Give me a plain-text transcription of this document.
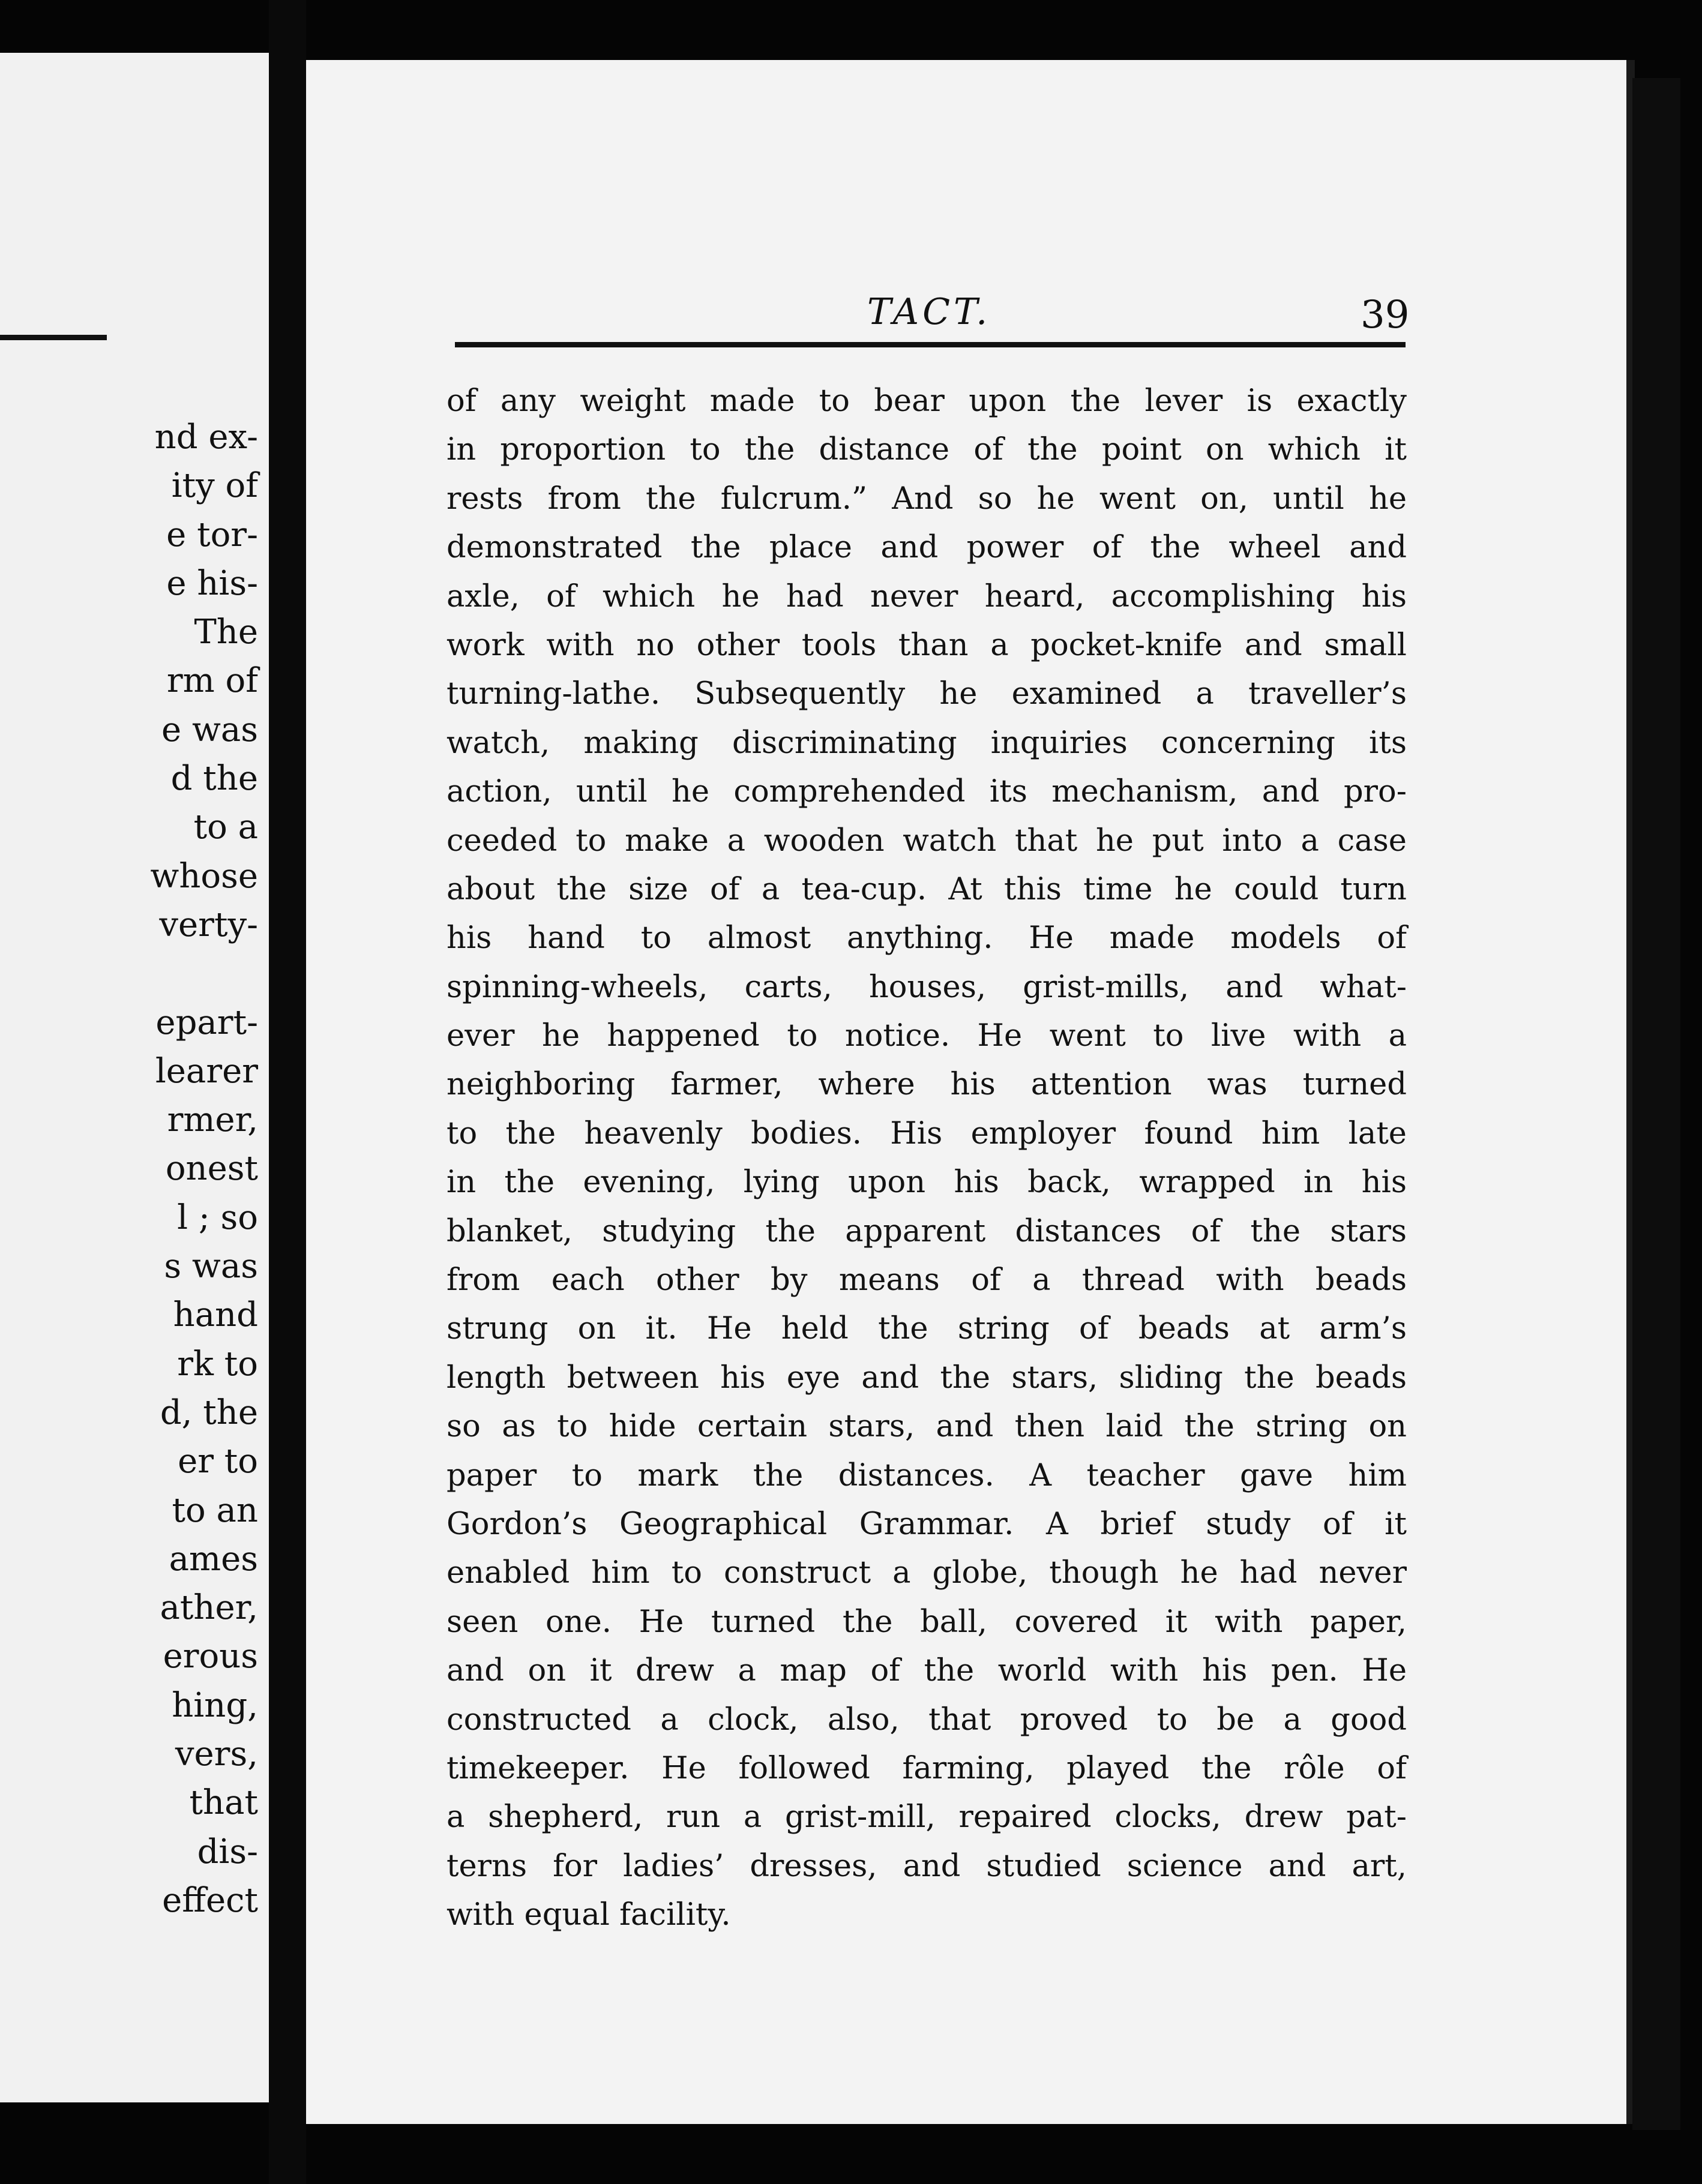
nd ex-
ity of
e tor-
e his-
The
rm of
e was
d the
to a
whose
verty-
epart-
learer
rmer,
onest
l ; so
s was
hand
rk to
d, the
er to
to an
ames
ather,
erous
hing,
vers,
that
dis-
effect
TACT.	39
of any weight made to bear upon the lever is exactly
in proportion to the distance of the point on which it
rests from the fulcrum.” And so he went on, until he
demonstrated the place and power of the wheel and
axle, of which he had never heard, accomplishing his
work with no other tools than a pocket-knife and small
turning-lathe. Subsequently he examined a traveller’s
watch, making discriminating inquiries concerning its
action, until he comprehended its mechanism, and pro-
ceeded to make a wooden watch that he put into a case
about the size of a tea-cup. At this time he could turn
his hand to almost anything. He made models of
spinning-wheels, carts, houses, grist-mills, and what-
ever he happened to notice. He went to live with a
neighboring farmer, where his attention was turned
to the heavenly bodies. His employer found him late
in the evening, lying upon his back, wrapped in his
blanket, studying the apparent distances of the stars
from each other by means of a thread with beads
strung on it. He held the string of beads at arm’s
length between his eye and the stars, sliding the beads
so as to hide certain stars, and then laid the string on
paper to mark the distances. A teacher gave him
Gordon’s Geographical Grammar. A brief study of it
enabled him to construct a globe, though he had never
seen one. He turned the ball, covered it with paper,
and on it drew a map of the world with his pen. He
constructed a clock, also, that proved to be a good
timekeeper. He followed farming, played the rôle of
a shepherd, run a grist-mill, repaired clocks, drew pat-
terns for ladies’ dresses, and studied science and art,
with equal facility.
